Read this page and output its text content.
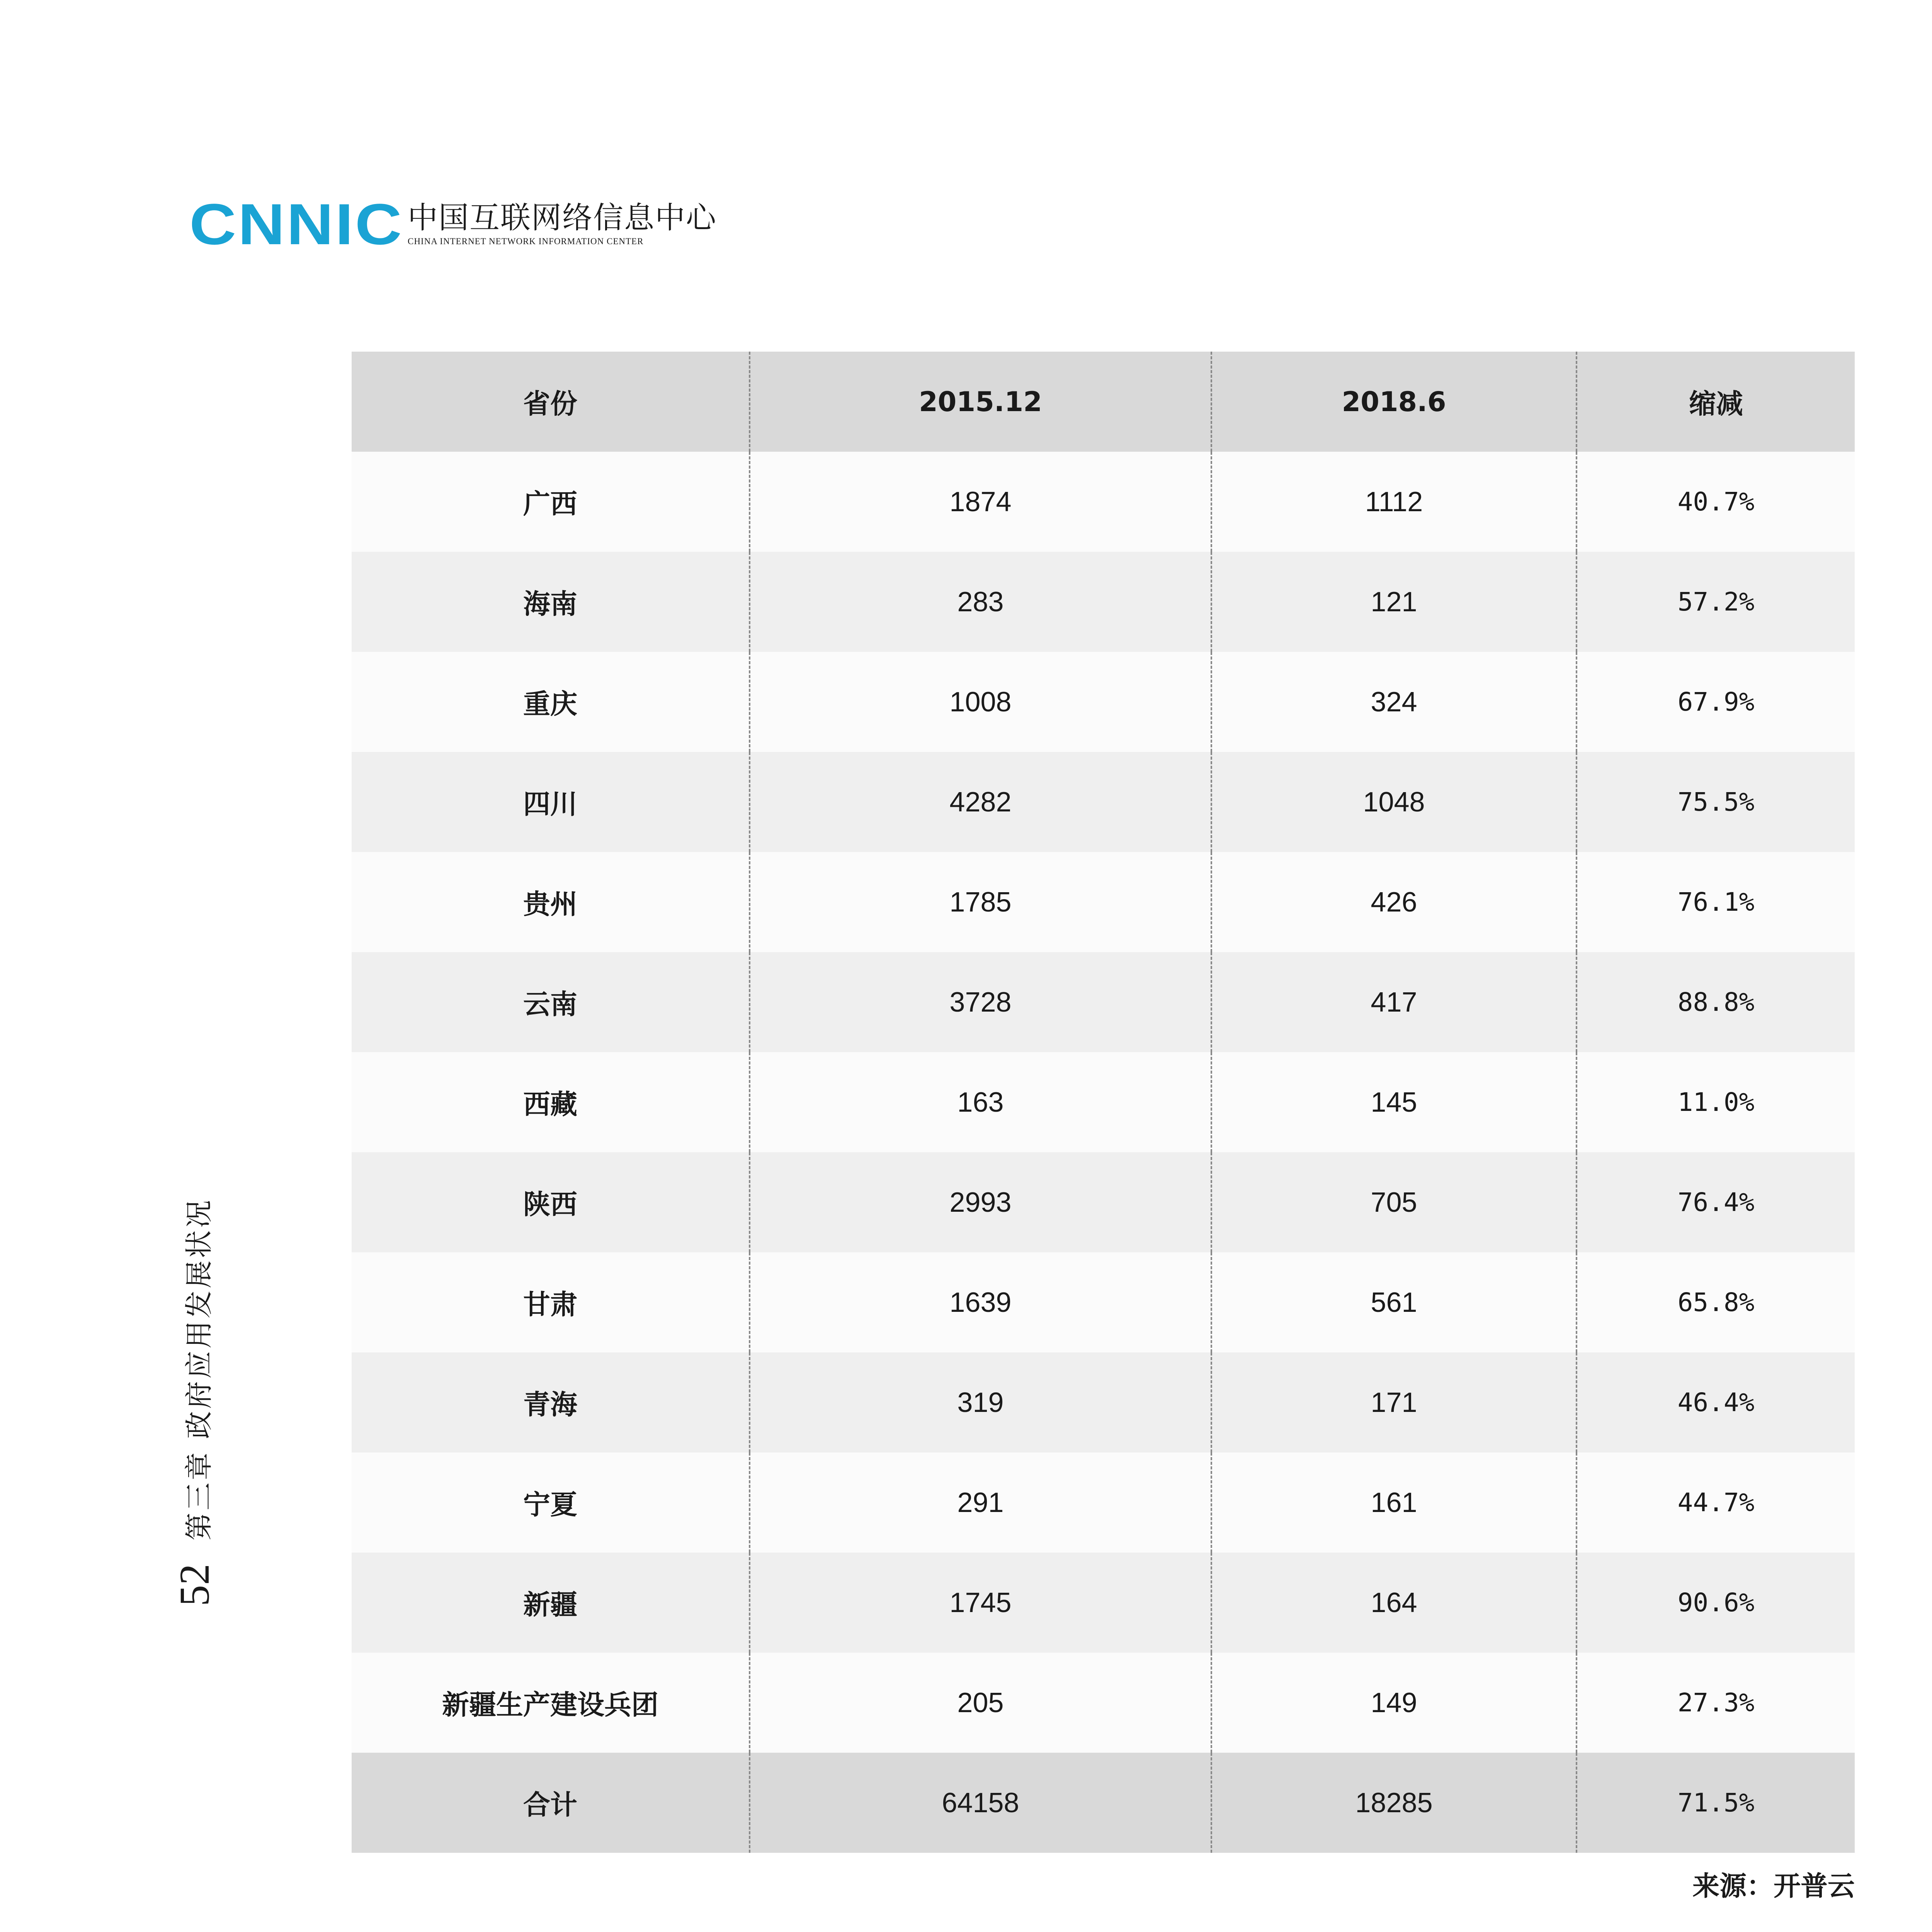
CNNIC 中国互联网络信息中心
CHINA INTERNET NETWORK INFORMATION CENTER
52
第三章 政府应用发展状况
省份	2015.12	2018.6	缩减
广西	1874	1112	40.7%
海南	283	121	57.2%
重庆	1008	324	67.9%
四川	4282	1048	75.5%
贵州	1785	426	76.1%
云南	3728	417	88.8%
西藏	163	145	11.0%
陕西	2993	705	76.4%
甘肃	1639	561	65.8%
青海	319	171	46.4%
宁夏	291	161	44.7%
新疆	1745	164	90.6%
新疆生产建设兵团	205	149	27.3%
合计	64158	18285	71.5%
来源：开普云
